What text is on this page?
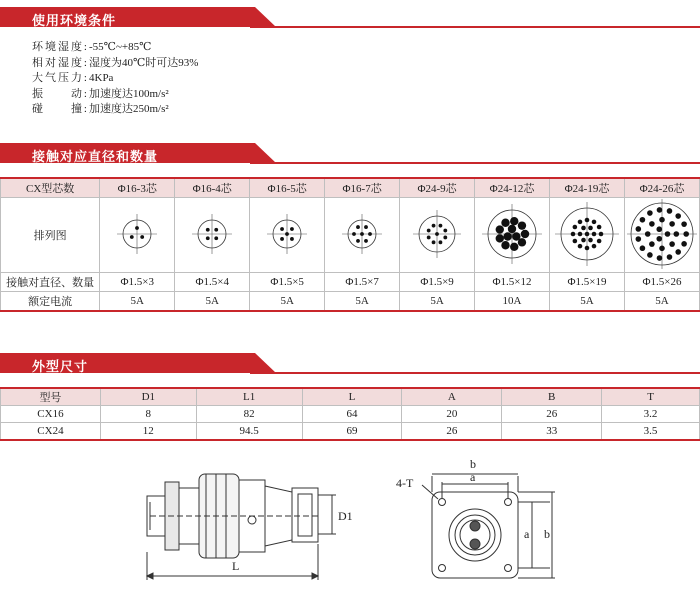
使用环境条件
环境湿度: -55℃~+85℃
相对湿度: 湿度为40℃时可达93%
大气压力: 4KPa
振　　动: 加速度达100m/s²
碰　　撞: 加速度达250m/s²
接触对应直径和数量
CX型芯数	Φ16-3芯	Φ16-4芯	Φ16-5芯	Φ16-7芯	Φ24-9芯	Φ24-12芯	Φ24-19芯	Φ24-26芯
排列图								
接触对直径、数量	Φ1.5×3	Φ1.5×4	Φ1.5×5	Φ1.5×7	Φ1.5×9	Φ1.5×12	Φ1.5×19	Φ1.5×26
额定电流	5A	5A	5A	5A	5A	10A	5A	5A
外型尺寸
型号	D1	L1	L	A	B	T
CX16	8	82	64	20	26	3.2
CX24	12	94.5	69	26	33	3.5
D1
L
b
a
4-T
a b
